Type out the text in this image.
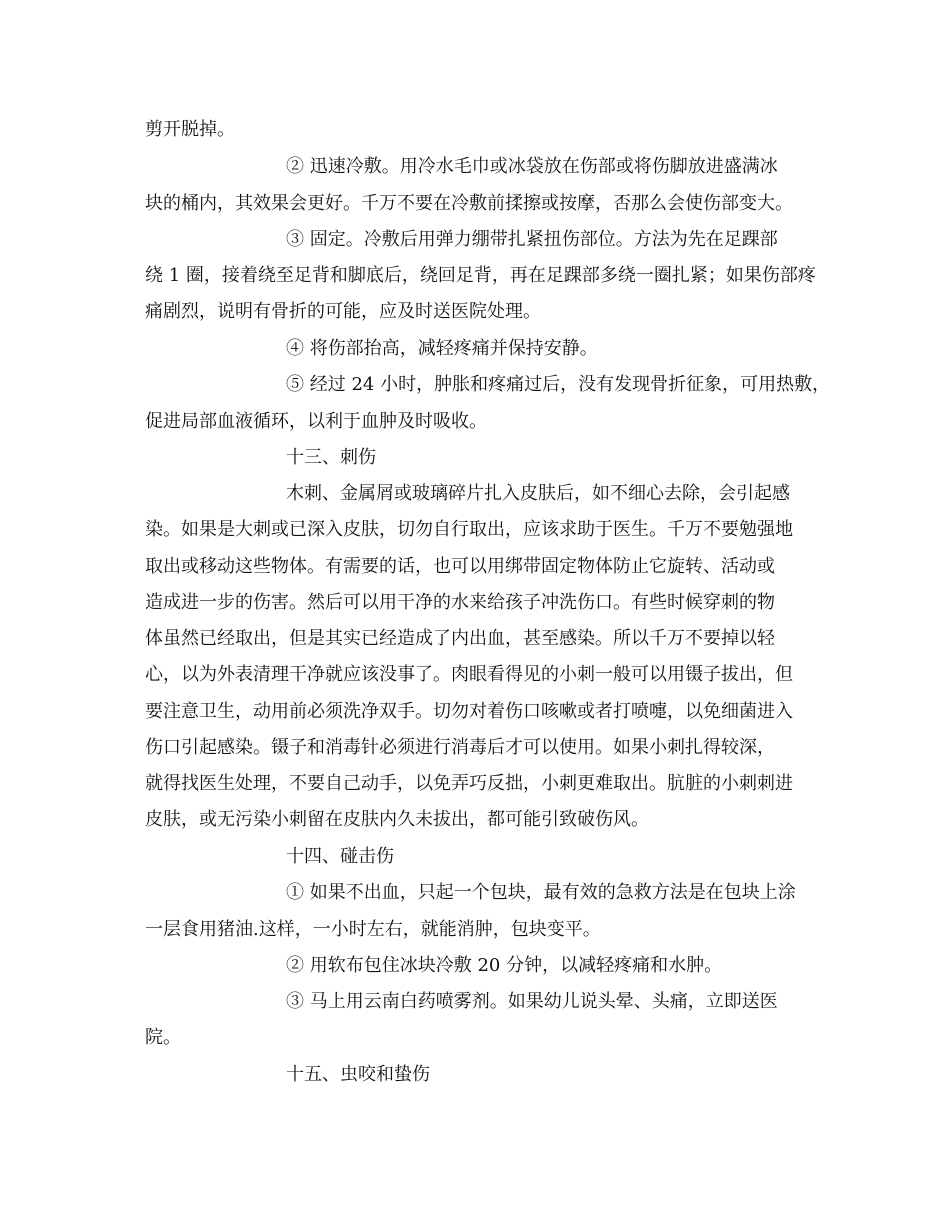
剪开脱掉。
② 迅速冷敷。用冷水毛巾或冰袋放在伤部或将伤脚放进盛满冰
块的桶内，其效果会更好。千万不要在冷敷前揉擦或按摩，否那么会使伤部变大。
③ 固定。冷敷后用弹力绷带扎紧扭伤部位。方法为先在足踝部
绕 1 圈，接着绕至足背和脚底后，绕回足背，再在足踝部多绕一圈扎紧；如果伤部疼
痛剧烈，说明有骨折的可能，应及时送医院处理。
④ 将伤部抬高，减轻疼痛并保持安静。
⑤ 经过 24 小时，肿胀和疼痛过后，没有发现骨折征象，可用热敷，
促进局部血液循环，以利于血肿及时吸收。
十三、刺伤
木刺、金属屑或玻璃碎片扎入皮肤后，如不细心去除，会引起感
染。如果是大刺或已深入皮肤，切勿自行取出，应该求助于医生。千万不要勉强地
取出或移动这些物体。有需要的话，也可以用绑带固定物体防止它旋转、活动或
造成进一步的伤害。然后可以用干净的水来给孩子冲洗伤口。有些时候穿刺的物
体虽然已经取出，但是其实已经造成了内出血，甚至感染。所以千万不要掉以轻
心，以为外表清理干净就应该没事了。肉眼看得见的小刺一般可以用镊子拔出，但
要注意卫生，动用前必须洗净双手。切勿对着伤口咳嗽或者打喷嚏，以免细菌进入
伤口引起感染。镊子和消毒针必须进行消毒后才可以使用。如果小刺扎得较深，
就得找医生处理，不要自己动手，以免弄巧反拙，小刺更难取出。肮脏的小刺刺进
皮肤，或无污染小刺留在皮肤内久未拔出，都可能引致破伤风。
十四、碰击伤
① 如果不出血，只起一个包块，最有效的急救方法是在包块上涂
一层食用猪油.这样，一小时左右，就能消肿，包块变平。
② 用软布包住冰块冷敷 20 分钟，以减轻疼痛和水肿。
③ 马上用云南白药喷雾剂。如果幼儿说头晕、头痛，立即送医
院。
十五、虫咬和蛰伤
